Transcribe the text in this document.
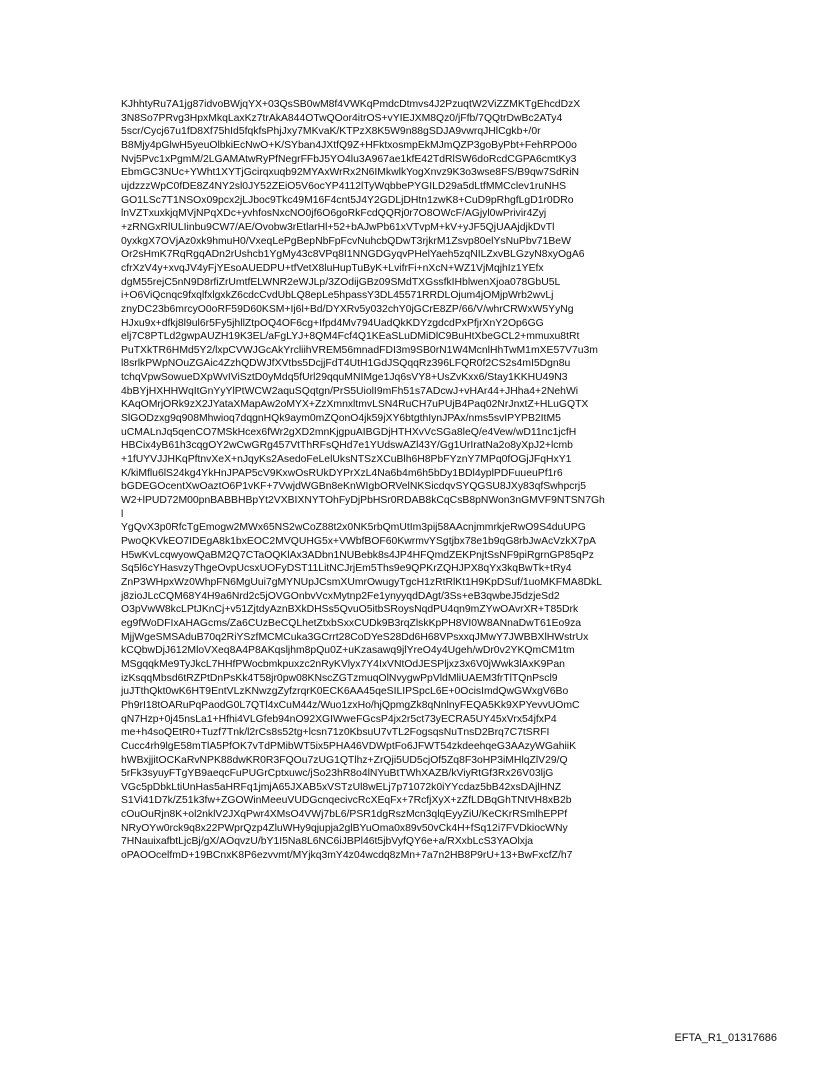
KJhhtyRu7A1jg87idvoBWjqYX+03QsSB0wM8f4VWKqPmdcDtmvs4J2PzuqtW2ViZZMKTgEhcdDzX
3N8So7PRvg3HpxMkqLaxKz7trAkA844OTwQOor4itrOS+vYIEJXM8Qz0/jFfb/7QQtrDwBc2ATy4
5scr/Cycj67u1fD8Xf75hId5fqkfsPhjJxy7MKvaK/KTPzX8K5W9n88gSDJA9vwrqJHlCgkb+/0r
B8Mjy4pGlwH5yeuOlbkiEcNwO+K/SYban4JXtfQ9Z+HFktxosmpEkMJmQZP3goByPbt+FehRPO0o
Nvj5Pvc1xPgmM/2LGAMAtwRyPfNegrFFbJ5YO4lu3A967ae1kfE42TdRlSW6doRcdCGPA6cmtKy3
EbmGC3NUc+YWht1XYTjGcirqxuqb92MYAxWrRx2N6IMkwlkYogXnvz9K3o3wse8FS/B9qw7SdRiN
ujdzzzWpC0fDE8Z4NY2sl0JY52ZEiO5V6ocYP4112lTyWqbbePYGILD29a5dLtfMMCclev1ruNHS
GO1LSc7T1NSOx09pcx2jLJboc9Tkc49M16F4cnt5J4Y2GDLjDHtn1zwK8+CuD9pRhgfLgD1r0DRo
lnVZTxuxkjqMVjNPqXDc+yvhfosNxcNO0jf6O6goRkFcdQQRj0r7O8OWcF/AGjyl0wPrivir4Zyj
+zRNGxRlULIinbu9CW7/AE/Ovobw3rEtlarHl+52+bAJwPb61xVTvpM+kV+yJF5QjUAAjdjkDvTl
0yxkgX7OVjAz0xk9hmuH0/VxeqLePgBepNbFpFcvNuhcbQDwT3rjkrM1Zsvp80elYsNuPbv71BeW
Or2sHmK7RqRgqADn2rUshcb1YgMy43c8VPq8I1NNGDGyqvPHelYaeh5zqNILZxvBLGzyN8xyOgA6
cfrXzV4y+xvqJV4yFjYEsoAUEDPU+tfVetX8luHupTuByK+LvifrFi+nXcN+WZ1VjMqjhIz1YEfx
dgM55rejC5nN9D8rfiZrUmtfELWNR2eWJLp/3ZOdijGBz09SMdTXGssfkIHblwenXjoa078GbU5L
i+O6ViQcnqc9fxqlfxlgxkZ6cdcCvdUbLQ8epLe5hpassY3DL45571RRDLOjum4jOMjpWrb2wvLj
znyDC23b6mrcyO0oRF59D60KSM+Ij6l+Bd/DYXRv5y032chY0jGCrE8ZP/66/V/whrCRWxW5YyNg
HJxu9x+dfkj8l9ul6r5Fy5jhllZtpOQ4OF6cg+Ifpd4Mv794UadQkKDYzgdcdPxPfjrXnY2Op6GG
elj7C8PTLd2gwpAUZH19K3EL/aFgLYJ+8QM4Fcf4Q1KEaSLuDMiDlC9BuHtXbeGCL2+mmuxu8tRt
PuTXkTR6HMd5Y2/lxpCVWJGcAkYrcliihVREM56mnadFDI3m9SB0rN1W4McnlHhTwM1mXE57V7u3m
l8srlkPWpNOuZGAic4ZzhQDWJfXVtbs5DcjjFdT4UtH1GdJSQqqRz396LFQR0f2CS2s4mI5Dgn8u
tchqVpwSowueDXpWvIViSztD0yMdq5fUrl29qquMNIMge1Jq6sVY8+UsZvKxx6/Stay1KKHU49N3
4bBYjHXHHWqItGnYyYlPtWCW2aquSQqtgn/PrS5UiolI9mFh51s7ADcwJ+vHAr44+JHha4+2NehWi
KAqOMrjORk9zX2JYataXMapAw2oMYX+ZzXmnxltmvLSN4RuCH7uPUjB4Paq02NrJnxtZ+HLuGQTX
SlGODzxg9q908Mhwioq7dqgnHQk9aym0mZQonO4jk59jXY6btgthIynJPAx/nms5svIPYPB2ItM5
uCMALnJq5qenCO7MSkHcex6fWr2gXD2mnKjgpuAIBGDjHTHXvVcSGa8leQ/e4Vew/wD11nc1jcfH
HBCix4yB61h3cqgOY2wCwGRg457VtThRFsQHd7e1YUdswAZl43Y/Gg1UrIratNa2o8yXpJ2+lcmb
+1fUYVJJHKqPftnvXeX+nJqyKs2AsedoFeLelUksNTSzXCuBlh6H8PbFYznY7MPq0fOGjJFqHxY1
K/kiMflu6lS24kg4YkHnJPAP5cV9KxwOsRUkDYPrXzL4Na6b4m6h5bDy1BDl4yplPDFuueuPf1r6
bGDEGOcentXwOaztO6P1vKF+7VwjdWGBn8eKnWIgbORVelNKSicdqvSYQGSU8JXy83qfSwhpcrj5
W2+lPUD72M00pnBABBHBpYt2VXBIXNYTOhFyDjPbHSr0RDAB8kCqCsB8pNWon3nGMVF9NTSN7Gh
l
YgQvX3p0RfcTgEmogw2MWx65NS2wCoZ88t2x0NK5rbQmUtIm3pij58AAcnjmmrkjeRwO9S4duUPG
PwoQKVkEO7IDEgA8k1bxEOC2MVQUHG5x+VWbfBOF60KwrmvYSgtjbx78e1b9qG8rbJwAcVzkX7pA
H5wKvLcqwyowQaBM2Q7CTaOQKlAx3ADbn1NUBebk8s4JP4HFQmdZEKPnjtSsNF9piRgrnGP85qPz
Sq5l6cYHasvzyThgeOvpUcsxUOFyDST11LitNCJrjEm5Ths9e9QPKrZQHJPX8qYx3kqBwTk+tRy4
ZnP3WHpxWz0WhpFN6MgUui7gMYNUpJCsmXUmrOwugyTgcH1zRtRlKt1H9KpDSuf/1uoMKFMA8DkL
j8zioJLcCQM68Y4H9a6Nrd2c5jOVGOnbvVcxMytnp2Fe1ynyyqdDAgt/3Ss+eB3qwbeJ5dzjeSd2
O3pVwW8kcLPtJKnCj+v51ZjtdyAznBXkDHSs5QvuO5itbSRoysNqdPU4qn9mZYwOAvrXR+T85Drk
eg9fWoDFIxAHAGcms/Za6CUzBeCQLhetZtxbSxxCUDk9B3rqZlskKpPH8VI0W8ANnaDwT61Eo9za
MjjWgeSMSAduB70q2RiYSzfMCMCuka3GCrrt28CoDYeS28Dd6H68VPsxxqJMwY7JWBBXlHWstrUx
kCQbwDjJ612MloVXeq8A4P8AKqsljhm8pQu0Z+uKzasawq9jlYreO4y4Ugeh/wDr0v2YKQmCM1tm
MSgqqkMe9TyJkcL7HHfPWocbmkpuxzc2nRyKVlyx7Y4IxVNtOdJESPljxz3x6V0jWwk3lAxK9Pan
izKsqqMbsd6tRZPtDnPsKk4T58jr0pw08KNscZGTzmuqOlNvygwPpVldMliUAEM3frTlTQnPscl9
juJTthQkt0wK6HT9EntVLzKNwzgZyfzrqrK0ECK6AA45qeSILIPSpcL6E+0OcisImdQwGWxgV6Bo
Ph9rI18tOARuPqPaodG0L7QTl4xCuM44z/Wuo1zxHo/hjQpmgZk8qNnlnyFEQA5Kk9XPYevvUOmC
qN7Hzp+0j45nsLa1+Hfhi4VLGfeb94nO92XGIWweFGcsP4jx2r5ct73yECRA5UY45xVrx54jfxP4
me+h4soQEtR0+Tuzf7Tnk/l2rCs8s52tg+lcsn71z0KbsuU7vTL2FogsqsNuTnsD2Brq7C7tSRFI
Cucc4rh9lgE58mTlA5PfOK7vTdPMibWT5ix5PHA46VDWptFo6JFWT54zkdeehqeG3AAzyWGahiiK
hWBxjjitOCKaRvNPK88dwKR0R3FQOu7zUG1QTlhz+ZrQji5UD5cjOf5Zq8F3oHP3iMHlqZlV29/Q
5rFk3syuyFTgYB9aeqcFuPUGrCptxuwc/jSo23hR8o4lNYuBtTWhXAZB/kViyRtGf3Rx26V03ljG
VGc5pDbkLtiUnHas5aHRFq1jmjA65JXAB5xVSTzUl8wELj7p71072k0iYYcdaz5bB42xsDAjlHNZ
S1Vi41D7k/Z51k3fw+ZGOWinMeeuVUDGcnqecivcRcXEqFx+7RcfjXyX+zZfLDBqGhTNtVH8xB2b
cOuOuRjn8K+ol2nklV2JXqPwr4XMsO4VWj7bL6/PSR1dgRszMcn3qlqEyyZiU/KeCKrRSmlhEPPf
NRyOYw0rck9q8x22PWprQzp4ZluWHy9qjupja2glBYuOma0x89v50vCk4H+fSq12i7FVDkiocWNy
7HNauixafbtLjcBj/gX/AOqvzU/bY1I5Na8L6NC6iJBPl46t5jbVyfQY6e+a/RXxbLcS3YAOlxja
oPAOOcelfmD+19BCnxK8P6ezvvmt/MYjkq3mY4z04wcdq8zMn+7a7n2HB8P9rU+13+BwFxcfZ/h7
EFTA_R1_01317686
